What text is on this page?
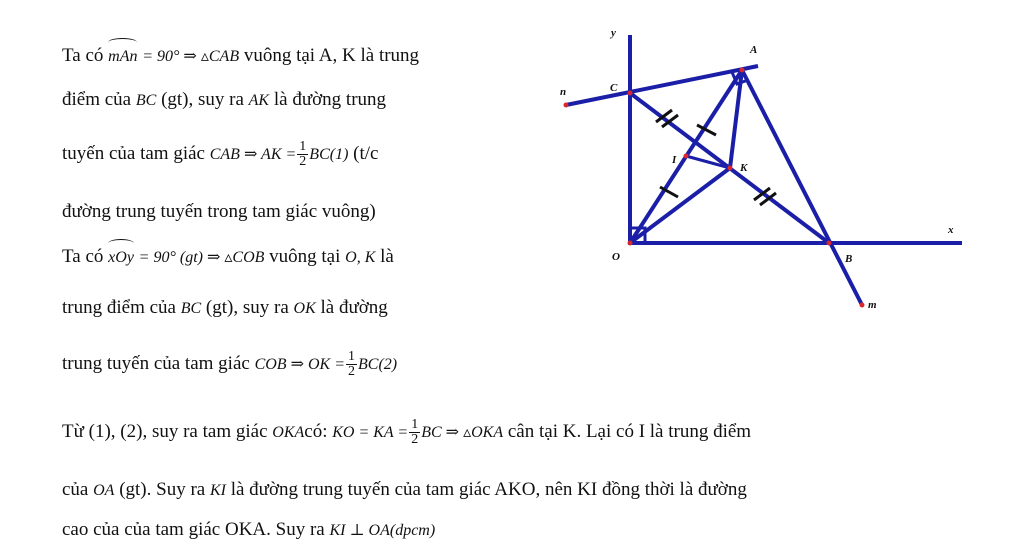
Ta có mAn = 90° ⇒ ▵CAB vuông tại A, K là trung
điểm của BC (gt), suy ra AK là đường trung
tuyến của tam giác CAB ⇒ AK = $\frac{1}{2} BC(1)$ (t/c
đường trung tuyến trong tam giác vuông)
Ta có xOy = 90° (gt) ⇒ ▵COB vuông tại O, K là
trung điểm của BC (gt), suy ra OK là đường
trung tuyến của tam giác COB ⇒ OK = $\frac{1}{2} BC(2)$
Từ (1), (2), suy ra tam giác OKAcó: KO = KA = $\frac{1}{2}$ BC ⇒ ▵OKA cân tại K. Lại có I là trung điểm
của OA (gt). Suy ra KI là đường trung tuyến của tam giác AKO, nên KI đồng thời là đường
cao của của tam giác OKA. Suy ra KI ⊥ OA(dpcm)
y
A
C
n
I
K
O
x
B
m
